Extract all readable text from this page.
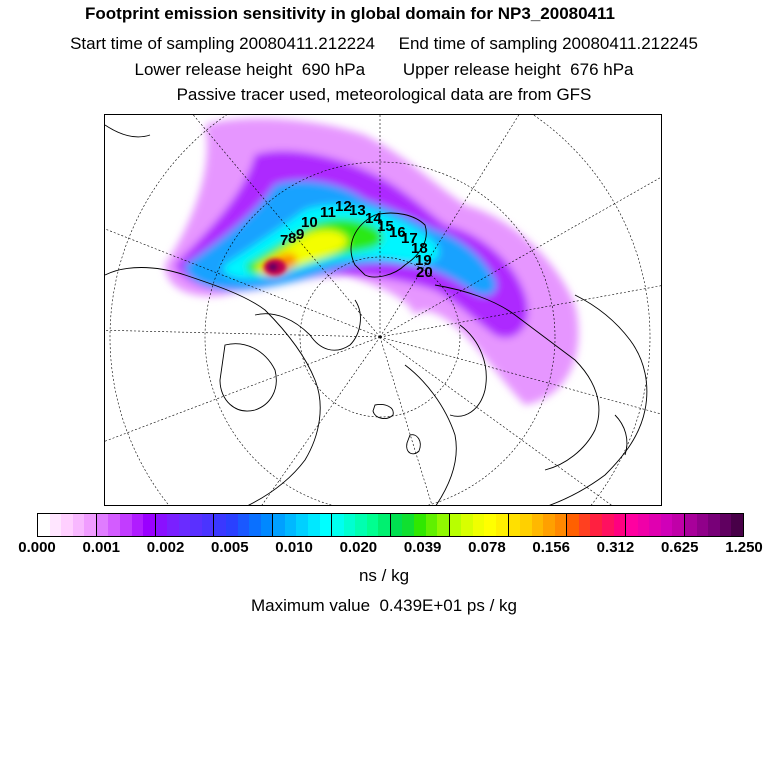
Footprint emission sensitivity in global domain for NP3_20080411
Start time of sampling 20080411.212224     End time of sampling 20080411.212245
Lower release height  690 hPa        Upper release height  676 hPa
Passive tracer used, meteorological data are from GFS
7 8 9
10
11 12
13 14
15
16
17
18
19
20
0.000 0.001 0.002 0.005 0.010 0.020 0.039 0.078 0.156 0.312 0.625 1.250
ns / kg
Maximum value  0.439E+01 ps / kg
